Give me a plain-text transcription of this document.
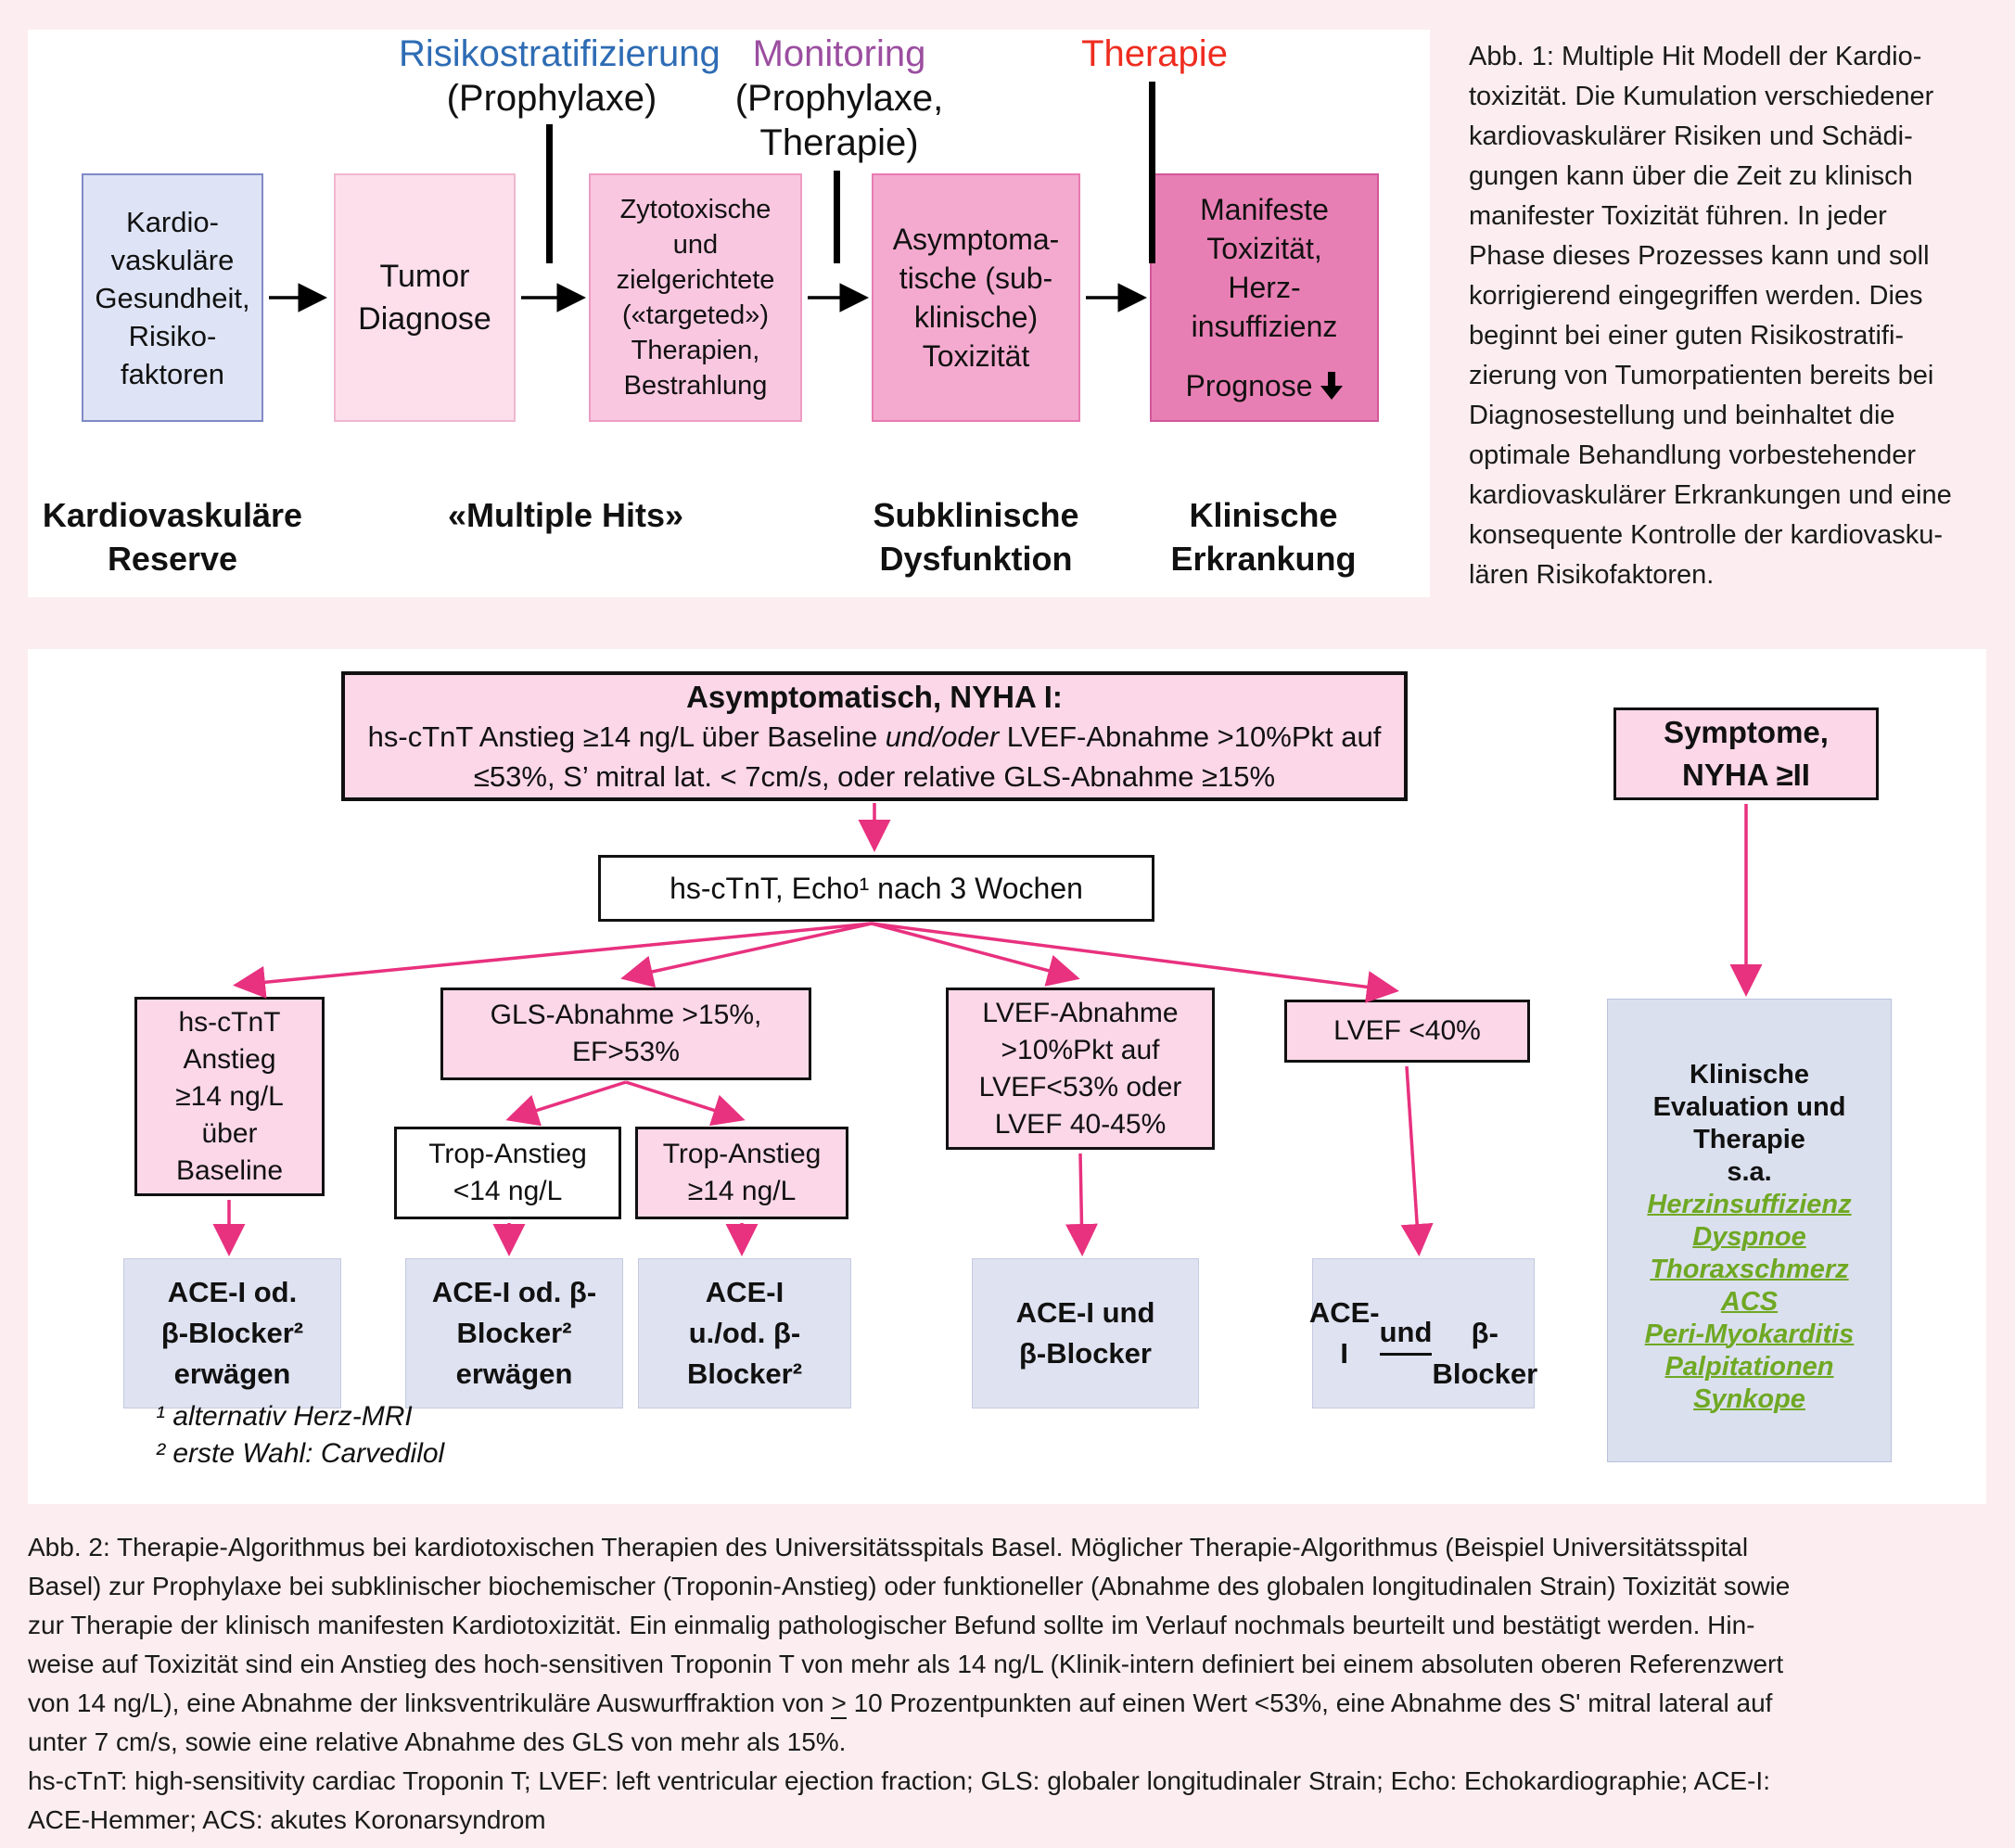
Risikostratifizierung
(Prophylaxe)
Monitoring
(Prophylaxe,
Therapie)
Therapie
Kardio-
vaskuläre
Gesundheit,
Risiko-
faktoren
Tumor
Diagnose
Zytotoxische
und
zielgerichtete
(«targeted»)
Therapien,
Bestrahlung
Asymptoma-
tische (sub-
klinische)
Toxizität
Manifeste
Toxizität,
Herz-
insuffizienz
Prognose
Kardiovaskuläre
Reserve
«Multiple Hits»	Subklinische
Dysfunktion
Klinische
Erkrankung
Abb. 1: Multiple Hit Modell der Kardio-
toxizität. Die Kumulation verschiedener
kardiovaskulärer Risiken und Schädi-
gungen kann über die Zeit zu klinisch
manifester Toxizität führen. In jeder
Phase dieses Prozesses kann und soll
korrigierend eingegriffen werden. Dies
beginnt bei einer guten Risikostratifi-
zierung von Tumorpatienten bereits bei
Diagnosestellung und beinhaltet die
optimale Behandlung vorbestehender
kardiovaskulärer Erkrankungen und eine
konsequente Kontrolle der kardiovasku-
lären Risikofaktoren.
Asymptomatisch, NYHA I:
hs-cTnT Anstieg ≥14 ng/L über Baseline und/oder LVEF-Abnahme >10%Pkt auf ≤53%, S’ mitral lat. < 7cm/s, oder relative GLS-Abnahme ≥15%
Symptome,
NYHA ≥II
hs-cTnT, Echo¹ nach 3 Wochen
hs-cTnT
Anstieg
≥14 ng/L
über
Baseline
GLS-Abnahme >15%,
EF>53%
Trop-Anstieg
<14 ng/L
Trop-Anstieg
≥14 ng/L
LVEF-Abnahme
>10%Pkt auf
LVEF<53% oder
LVEF 40-45%
LVEF <40%
ACE-I od.
β-Blocker²
erwägen
ACE-I od. β-
Blocker²
erwägen
ACE-I
u./od. β-
Blocker²
ACE-I und
β-Blocker
ACE-I
und	
β-Blocker
Klinische
Evaluation und
Therapie
s.a.
Herzinsuffizienz
Dyspnoe
Thoraxschmerz
ACS
Peri-Myokarditis
Palpitationen
Synkope
¹ alternativ Herz-MRI
² erste Wahl: Carvedilol
Abb. 2: Therapie-Algorithmus bei kardiotoxischen Therapien des Universitätsspitals Basel. Möglicher Therapie-Algorithmus (Beispiel Universitätsspital
Basel) zur Prophylaxe bei subklinischer biochemischer (Troponin-Anstieg) oder funktioneller (Abnahme des globalen longitudinalen Strain) Toxizität sowie
zur Therapie der klinisch manifesten Kardiotoxizität. Ein einmalig pathologischer Befund sollte im Verlauf nochmals beurteilt und bestätigt werden. Hin-
weise auf Toxizität sind ein Anstieg des hoch-sensitiven Troponin T von mehr als 14 ng/L (Klinik-intern definiert bei einem absoluten oberen Referenzwert
von 14 ng/L), eine Abnahme der linksventrikuläre Auswurffraktion von > 10 Prozentpunkten auf einen Wert <53%, eine Abnahme des S' mitral lateral auf
unter 7 cm/s, sowie eine relative Abnahme des GLS von mehr als 15%.
hs-cTnT: high-sensitivity cardiac Troponin T; LVEF: left ventricular ejection fraction; GLS: globaler longitudinaler Strain; Echo: Echokardiographie; ACE-I:
ACE-Hemmer; ACS: akutes Koronarsyndrom
